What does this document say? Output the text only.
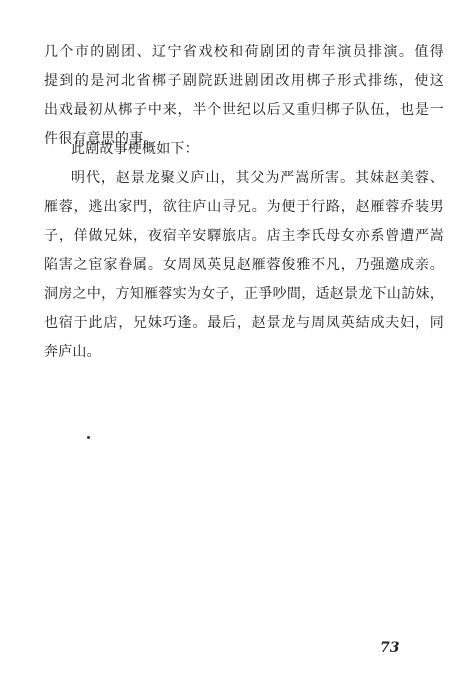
几个市的剧团、辽宁省戏校和荷剧团的青年演员排演。值得
提到的是河北省梆子剧院跃进剧团改用梆子形式排练，使这
出戏最初从梆子中来，半个世纪以后又重归梆子队伍，也是一
件很有意思的事。
此剧故事梗概如下：
明代，赵景龙聚义庐山，其父为严嵩所害。其妹赵美蓉、
雁蓉，逃出家門，欲往庐山寻兄。为便于行路，赵雁蓉乔装男
子，佯做兄妹，夜宿辛安驛旅店。店主李氏母女亦系曾遭严嵩
陷害之宦家眷属。女周凤英見赵雁蓉俊雅不凡，乃强邀成亲。
洞房之中，方知雁蓉实为女子，正爭吵間，适赵景龙下山訪妹，
也宿于此店，兄妹巧逢。最后，赵景龙与周凤英結成夫妇，同
奔庐山。
73
